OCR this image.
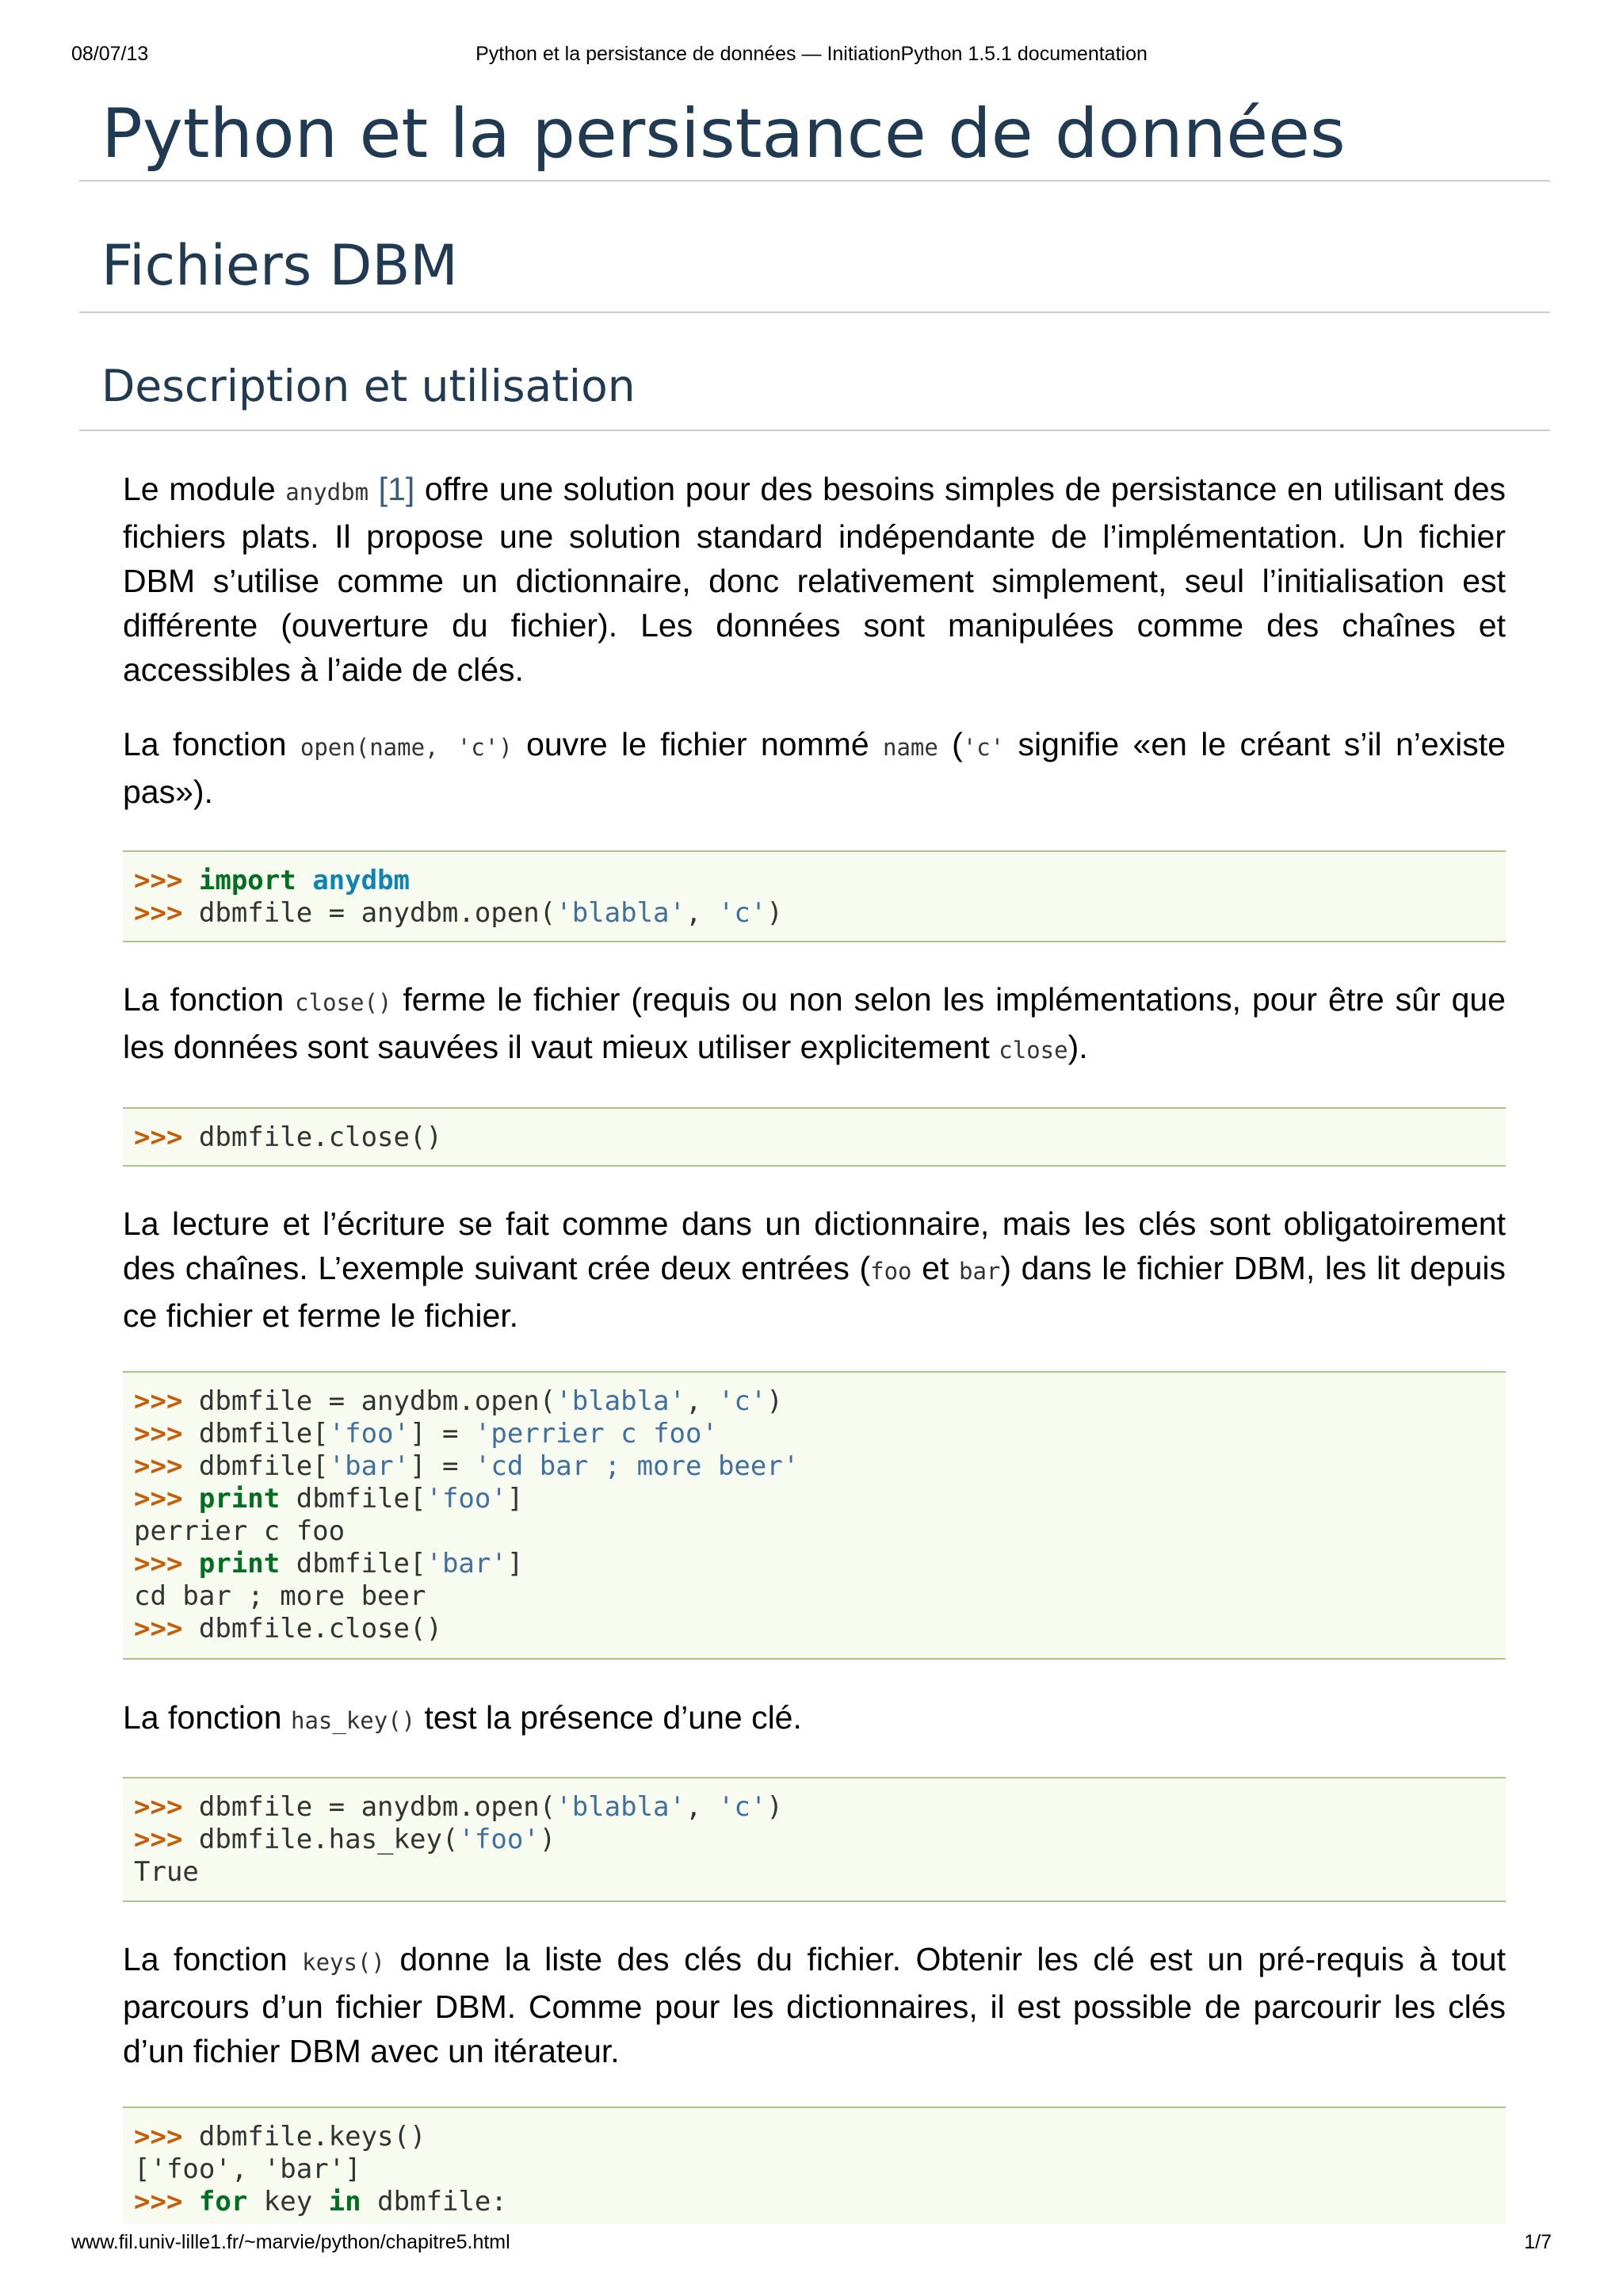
08/07/13	Python et la persistance de données — InitiationPython 1.5.1 documentation
Python et la persistance de données
Fichiers DBM
Description et utilisation

Le module anydbm [1] offre une solution pour des besoins simples de persistance en utilisant des fichiers plats. Il propose une solution standard indépendante de l’implémentation. Un fichier DBM s’utilise comme un dictionnaire, donc relativement simplement, seul l’initialisation est différente (ouverture du fichier). Les données sont manipulées comme des chaînes et accessibles à l’aide de clés.

La fonction open(name, 'c') ouvre le fichier nommé name ('c' signifie «en le créant s’il n’existe pas»).

>>> import anydbm
>>> dbmfile = anydbm.open('blabla', 'c')

La fonction close() ferme le fichier (requis ou non selon les implémentations, pour être sûr que les données sont sauvées il vaut mieux utiliser explicitement close).

>>> dbmfile.close()

La lecture et l’écriture se fait comme dans un dictionnaire, mais les clés sont obligatoirement des chaînes. L’exemple suivant crée deux entrées (foo et bar) dans le fichier DBM, les lit depuis ce fichier et ferme le fichier.

>>> dbmfile = anydbm.open('blabla', 'c')
>>> dbmfile['foo'] = 'perrier c foo'
>>> dbmfile['bar'] = 'cd bar ; more beer'
>>> print dbmfile['foo']
perrier c foo
>>> print dbmfile['bar']
cd bar ; more beer
>>> dbmfile.close()

La fonction has_key() test la présence d’une clé.

>>> dbmfile = anydbm.open('blabla', 'c')
>>> dbmfile.has_key('foo')
True

La fonction keys() donne la liste des clés du fichier. Obtenir les clé est un pré-requis à tout parcours d’un fichier DBM. Comme pour les dictionnaires, il est possible de parcourir les clés d’un fichier DBM avec un itérateur.

>>> dbmfile.keys()
['foo', 'bar']
>>> for key in dbmfile:
www.fil.univ-lille1.fr/~marvie/python/chapitre5.html	1/7
